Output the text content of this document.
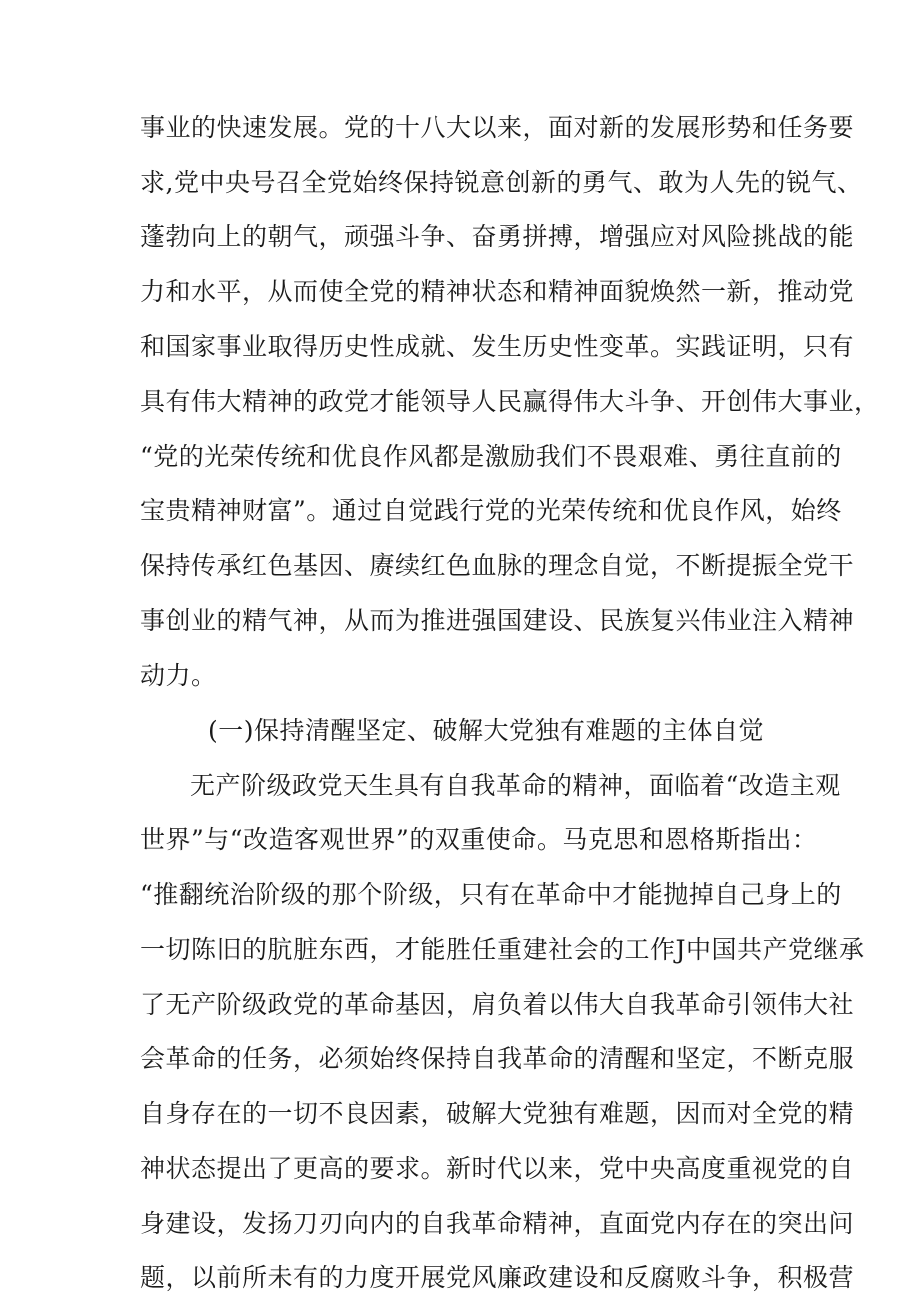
事业的快速发展。党的十八大以来，面对新的发展形势和任务要
求,党中央号召全党始终保持锐意创新的勇气、敢为人先的锐气、
蓬勃向上的朝气，顽强斗争、奋勇拼搏，增强应对风险挑战的能
力和水平，从而使全党的精神状态和精神面貌焕然一新，推动党
和国家事业取得历史性成就、发生历史性变革。实践证明，只有
具有伟大精神的政党才能领导人民赢得伟大斗争、开创伟大事业，
“党的光荣传统和优良作风都是激励我们不畏艰难、勇往直前的
宝贵精神财富”。通过自觉践行党的光荣传统和优良作风，始终
保持传承红色基因、赓续红色血脉的理念自觉，不断提振全党干
事创业的精气神，从而为推进强国建设、民族复兴伟业注入精神
动力。
(一)保持清醒坚定、破解大党独有难题的主体自觉
无产阶级政党天生具有自我革命的精神，面临着“改造主观
世界”与“改造客观世界”的双重使命。马克思和恩格斯指出：
“推翻统治阶级的那个阶级，只有在革命中才能抛掉自己身上的
一切陈旧的肮脏东西，才能胜任重建社会的工作J中国共产党继承
了无产阶级政党的革命基因，肩负着以伟大自我革命引领伟大社
会革命的任务，必须始终保持自我革命的清醒和坚定，不断克服
自身存在的一切不良因素，破解大党独有难题，因而对全党的精
神状态提出了更高的要求。新时代以来，党中央高度重视党的自
身建设，发扬刀刃向内的自我革命精神，直面党内存在的突出问
题，以前所未有的力度开展党风廉政建设和反腐败斗争，积极营
